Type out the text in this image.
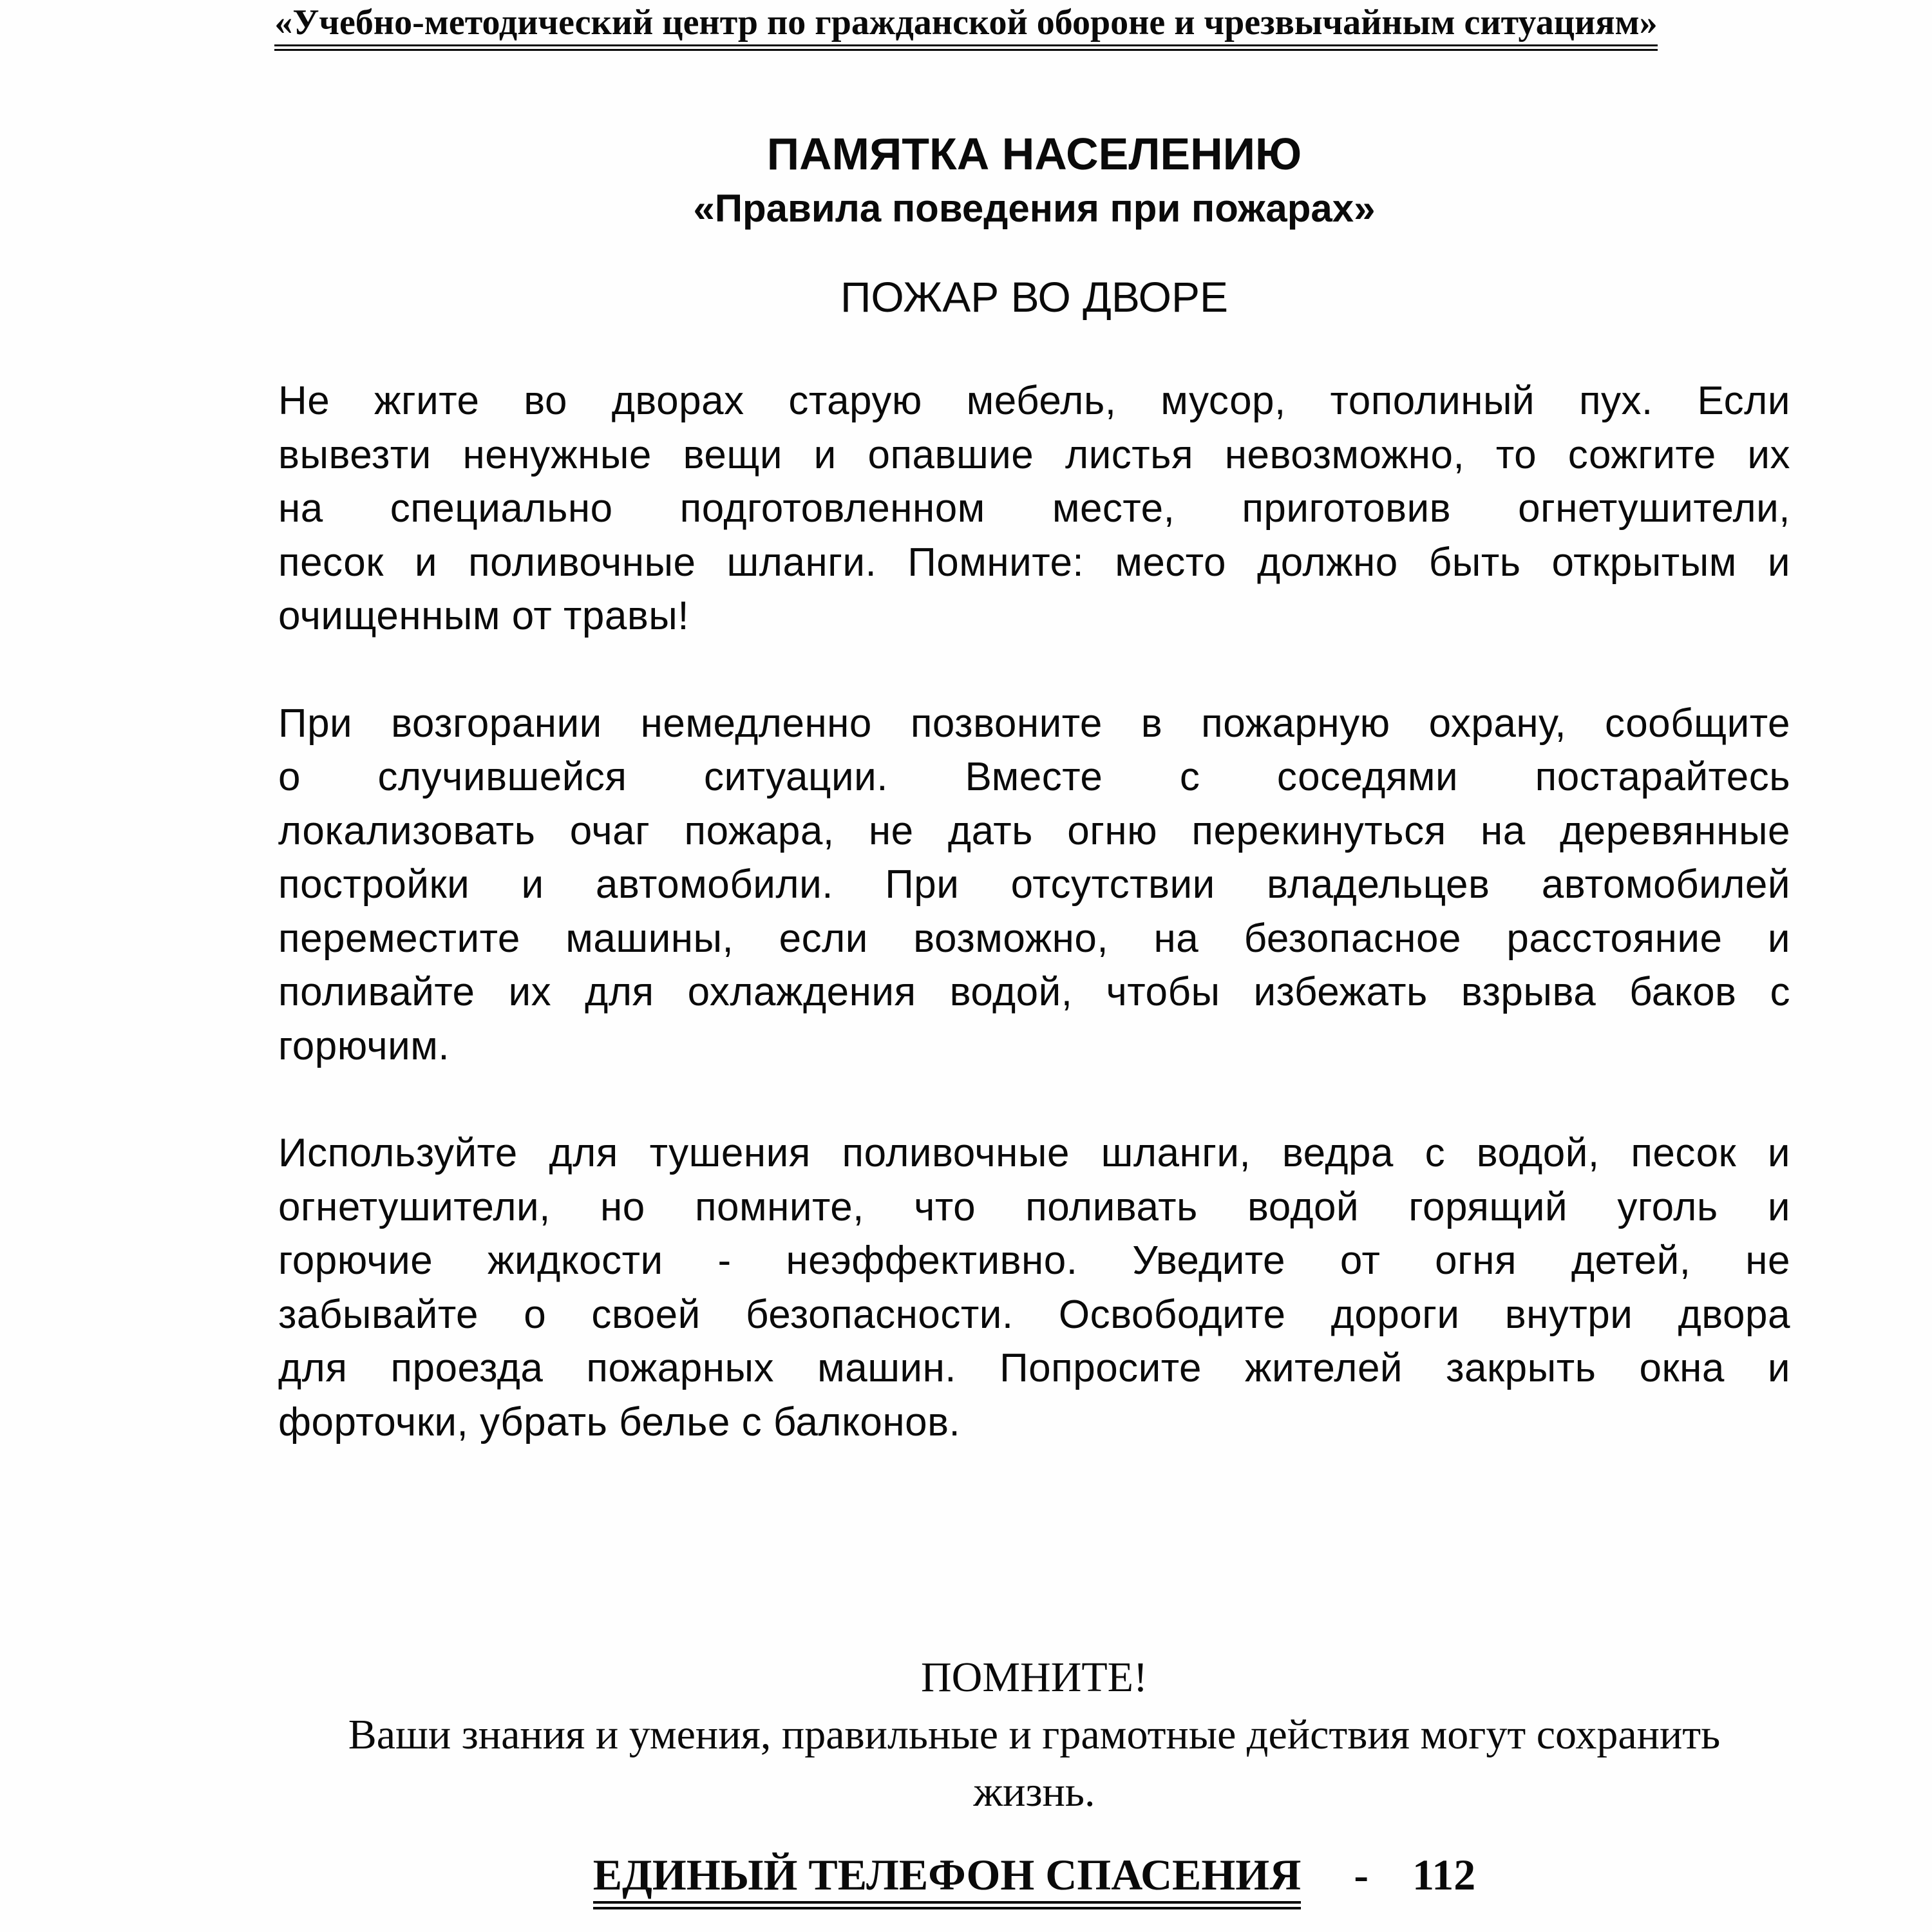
«Учебно-методический центр по гражданской обороне и чрезвычайным ситуациям»
ПАМЯТКА НАСЕЛЕНИЮ
«Правила поведения при пожарах»
ПОЖАР ВО ДВОРЕ
Не жгите во дворах старую мебель, мусор, тополиный пух. Если
вывезти ненужные вещи и опавшие листья невозможно, то сожгите их
на специально подготовленном месте, приготовив огнетушители,
песок и поливочные шланги. Помните: место должно быть открытым и
очищенным от травы!
При возгорании немедленно позвоните в пожарную охрану, сообщите
о случившейся ситуации. Вместе с соседями постарайтесь
локализовать очаг пожара, не дать огню перекинуться на деревянные
постройки и автомобили. При отсутствии владельцев автомобилей
переместите машины, если возможно, на безопасное расстояние и
поливайте их для охлаждения водой, чтобы избежать взрыва баков с
горючим.
Используйте для тушения поливочные шланги, ведра с водой, песок и
огнетушители, но помните, что поливать водой горящий уголь и
горючие жидкости - неэффективно. Уведите от огня детей, не
забывайте о своей безопасности. Освободите дороги внутри двора
для проезда пожарных машин. Попросите жителей закрыть окна и
форточки, убрать белье с балконов.
ПОМНИТЕ!
Ваши знания и умения, правильные и грамотные действия могут сохранить
жизнь.
ЕДИНЫЙ ТЕЛЕФОН СПАСЕНИЯ - 112
